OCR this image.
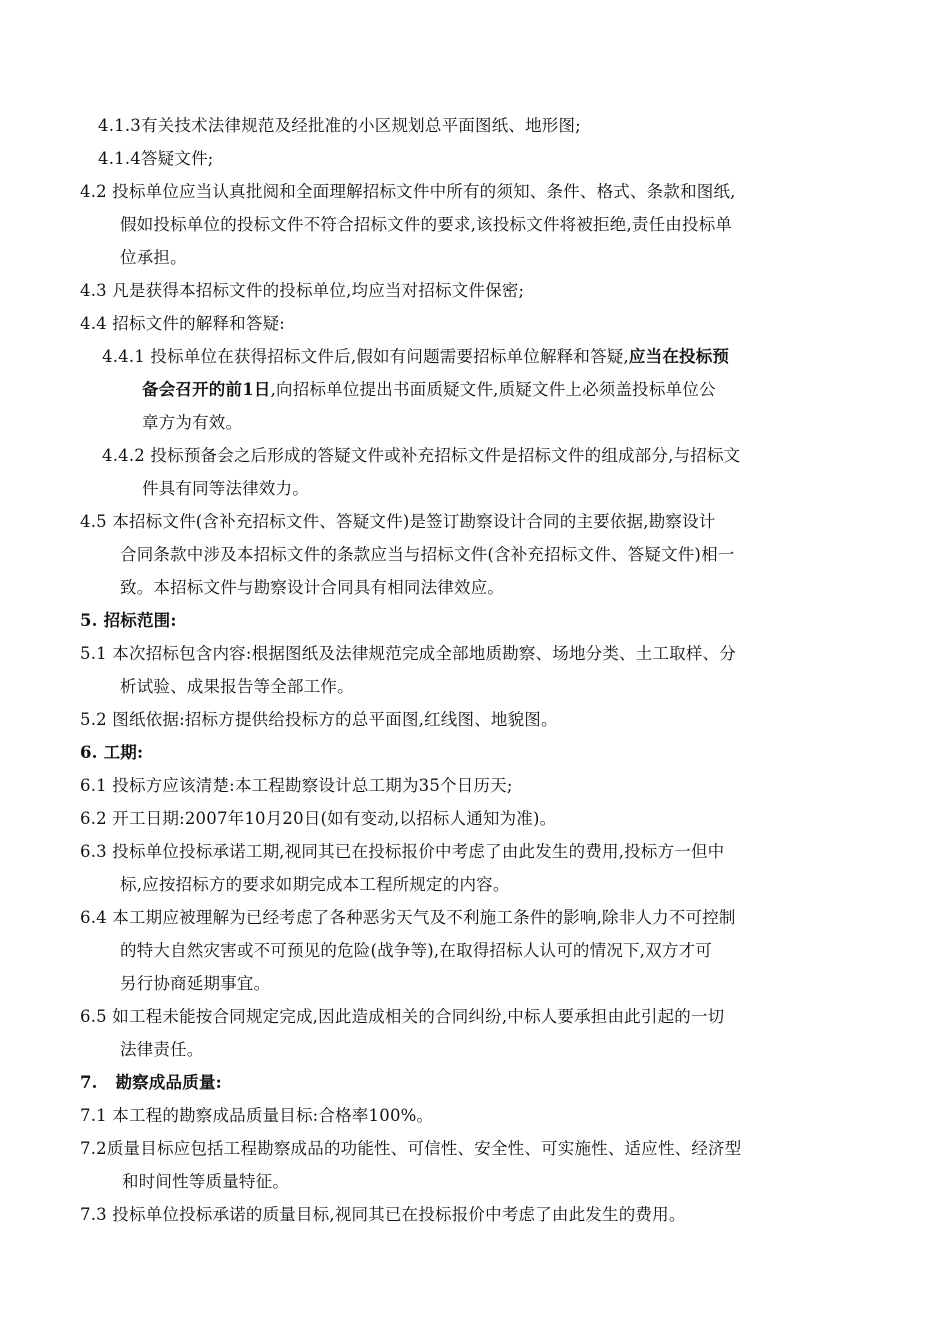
4.1.3有关技术法律规范及经批准的小区规划总平面图纸、地形图;
4.1.4答疑文件;
4.2 投标单位应当认真批阅和全面理解招标文件中所有的须知、条件、格式、条款和图纸,
假如投标单位的投标文件不符合招标文件的要求,该投标文件将被拒绝,责任由投标单
位承担。
4.3 凡是获得本招标文件的投标单位,均应当对招标文件保密;
4.4 招标文件的解释和答疑:
4.4.1 投标单位在获得招标文件后,假如有问题需要招标单位解释和答疑,应当在投标预
备会召开的前1日,向招标单位提出书面质疑文件,质疑文件上必须盖投标单位公
章方为有效。
4.4.2 投标预备会之后形成的答疑文件或补充招标文件是招标文件的组成部分,与招标文
件具有同等法律效力。
4.5 本招标文件(含补充招标文件、答疑文件)是签订勘察设计合同的主要依据,勘察设计
合同条款中涉及本招标文件的条款应当与招标文件(含补充招标文件、答疑文件)相一
致。本招标文件与勘察设计合同具有相同法律效应。
5. 招标范围:
5.1 本次招标包含内容:根据图纸及法律规范完成全部地质勘察、场地分类、土工取样、分
析试验、成果报告等全部工作。
5.2 图纸依据:招标方提供给投标方的总平面图,红线图、地貌图。
6. 工期:
6.1 投标方应该清楚:本工程勘察设计总工期为35个日历天;
6.2 开工日期:2007年10月20日(如有变动,以招标人通知为准)。
6.3 投标单位投标承诺工期,视同其已在投标报价中考虑了由此发生的费用,投标方一但中
标,应按招标方的要求如期完成本工程所规定的内容。
6.4 本工期应被理解为已经考虑了各种恶劣天气及不利施工条件的影响,除非人力不可控制
的特大自然灾害或不可预见的危险(战争等),在取得招标人认可的情况下,双方才可
另行协商延期事宜。
6.5 如工程未能按合同规定完成,因此造成相关的合同纠纷,中标人要承担由此引起的一切
法律责任。
7.   勘察成品质量:
7.1 本工程的勘察成品质量目标:合格率100%。
7.2质量目标应包括工程勘察成品的功能性、可信性、安全性、可实施性、适应性、经济型
和时间性等质量特征。
7.3 投标单位投标承诺的质量目标,视同其已在投标报价中考虑了由此发生的费用。
